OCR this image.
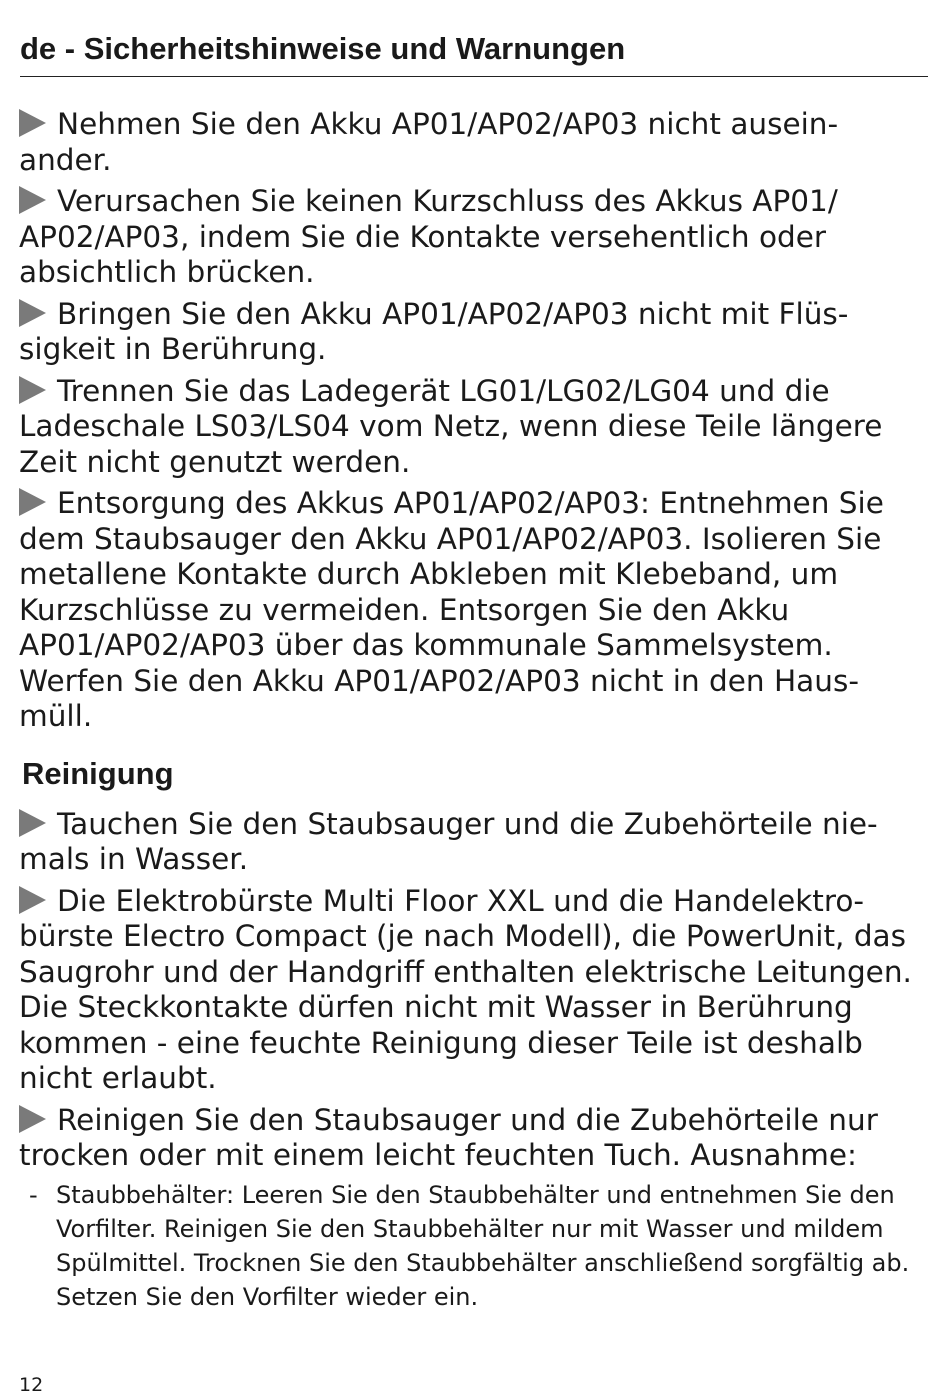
de - Sicherheitshinweise und Warnungen
Nehmen Sie den Akku AP01/AP02/AP03 nicht auseinander.
Verursachen Sie keinen Kurzschluss des Akkus AP01/​AP02/AP03, indem Sie die Kontakte versehentlich oder absichtlich brücken.
Bringen Sie den Akku AP01/AP02/AP03 nicht mit Flüssigkeit in Berührung.
Trennen Sie das Ladegerät LG01/LG02/LG04 und die Ladeschale LS03/LS04 vom Netz, wenn diese Teile längere Zeit nicht genutzt werden.
Entsorgung des Akkus AP01/AP02/AP03: Entnehmen Sie dem Staubsauger den Akku AP01/AP02/AP03. Isolieren Sie metallene Kontakte durch Abkleben mit Klebeband, um Kurzschlüsse zu vermeiden. Entsorgen Sie den Akku AP01/AP02/AP03 über das kommunale Sammelsystem. Werfen Sie den Akku AP01/AP02/AP03 nicht in den Hausmüll.
Reinigung
Tauchen Sie den Staubsauger und die Zubehörteile niemals in Wasser.
Die Elektrobürste Multi Floor XXL und die Handelektrobürste Electro Compact (je nach Modell), die PowerUnit, das Saugrohr und der Handgriff enthalten elektrische Leitungen. Die Steckkontakte dürfen nicht mit Wasser in Berührung kommen - eine feuchte Reinigung dieser Teile ist deshalb nicht erlaubt.
Reinigen Sie den Staubsauger und die Zubehörteile nur trocken oder mit einem leicht feuchten Tuch. Ausnahme:
- Staubbehälter: Leeren Sie den Staubbehälter und entnehmen Sie den Vorfilter. Reinigen Sie den Staubbehälter nur mit Wasser und mildem Spülmittel. Trocknen Sie den Staubbehälter anschließend sorgfältig ab. Setzen Sie den Vorfilter wieder ein.
12
